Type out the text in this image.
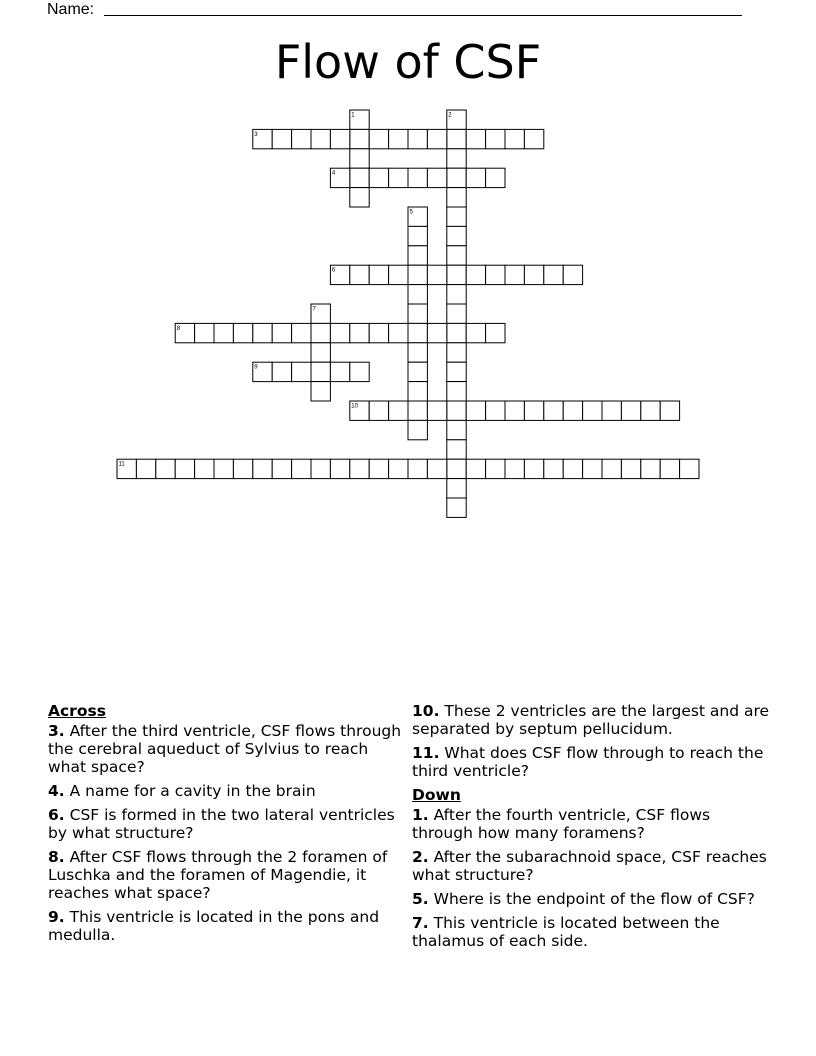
Name:
Flow of CSF
1	2
3
4
5
6
7
8
9
10
11
Across
3. After the third ventricle, CSF flows through the cerebral aqueduct of Sylvius to reach what space?
4. A name for a cavity in the brain
6. CSF is formed in the two lateral ventricles by what structure?
8. After CSF flows through the 2 foramen of Luschka and the foramen of Magendie, it reaches what space?
9. This ventricle is located in the pons and medulla.
10. These 2 ventricles are the largest and are separated by septum pellucidum.
11. What does CSF flow through to reach the third ventricle?
Down
1. After the fourth ventricle, CSF flows through how many foramens?
2. After the subarachnoid space, CSF reaches what structure?
5. Where is the endpoint of the flow of CSF?
7. This ventricle is located between the thalamus of each side.
